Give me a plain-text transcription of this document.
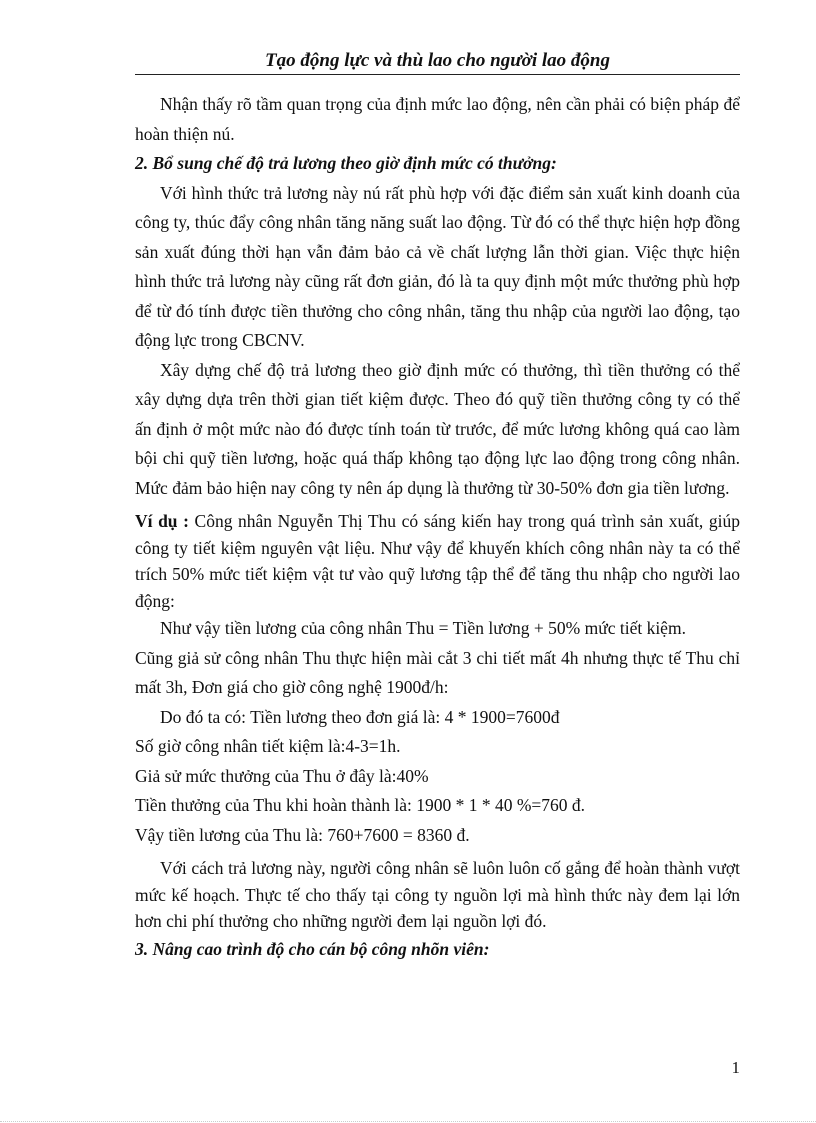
Tạo động lực và thù lao cho người lao động

Nhận thấy rõ tầm quan trọng của định mức lao động, nên cần phải có biện pháp để hoàn thiện nú.

2. Bổ sung chế độ trả lương theo giờ định mức có thưởng:

Với hình thức trả lương này nú rất phù hợp với đặc điểm sản xuất kinh doanh của công ty, thúc đẩy công nhân tăng năng suất lao động. Từ đó có thể thực hiện hợp đồng sản xuất đúng thời hạn vẫn đảm bảo cả về chất lượng lẫn thời gian. Việc thực hiện hình thức trả lương này cũng rất đơn giản, đó là ta quy định một mức thưởng phù hợp để từ đó tính được tiền thưởng cho công nhân, tăng thu nhập của người lao động, tạo động lực trong CBCNV.

Xây dựng chế độ trả lương theo giờ định mức có thưởng, thì tiền thưởng có thể xây dựng dựa trên thời gian tiết kiệm được. Theo đó quỹ tiền thưởng công ty có thể ấn định ở một mức nào đó được tính toán từ trước, để mức lương không quá cao làm bội chi quỹ tiền lương, hoặc quá thấp không tạo động lực lao động trong công nhân. Mức đảm bảo hiện nay công ty nên áp dụng là thưởng từ 30-50% đơn gia tiền lương.

Ví dụ : Công nhân Nguyễn Thị Thu có sáng kiến hay trong quá trình sản xuất, giúp công ty tiết kiệm nguyên vật liệu. Như vậy để khuyến khích công nhân này ta có thể trích 50% mức tiết kiệm vật tư vào quỹ lương tập thể để tăng thu nhập cho người lao động:

Như vậy tiền lương của công nhân Thu = Tiền lương + 50% mức tiết kiệm.

Cũng giả sử công nhân Thu thực hiện mài cắt 3 chi tiết mất 4h nhưng thực tế Thu chỉ mất 3h, Đơn giá cho giờ công nghệ 1900đ/h:

Do đó ta có: Tiền lương theo đơn giá là: 4 * 1900=7600đ

Số giờ công nhân tiết kiệm là:4-3=1h.

Giả sử mức thưởng của Thu ở đây là:40%

Tiền thưởng của Thu khi hoàn thành là: 1900 * 1 * 40 %=760 đ.

Vậy tiền lương của Thu là: 760+7600 = 8360 đ.

Với cách trả lương này, người công nhân sẽ luôn luôn cố gắng để hoàn thành vượt mức kế hoạch. Thực tế cho thấy tại công ty nguồn lợi mà hình thức này đem lại lớn hơn chi phí thưởng cho những người đem lại nguồn lợi đó.

3. Nâng cao trình độ cho cán bộ công nhõn viên:

1
